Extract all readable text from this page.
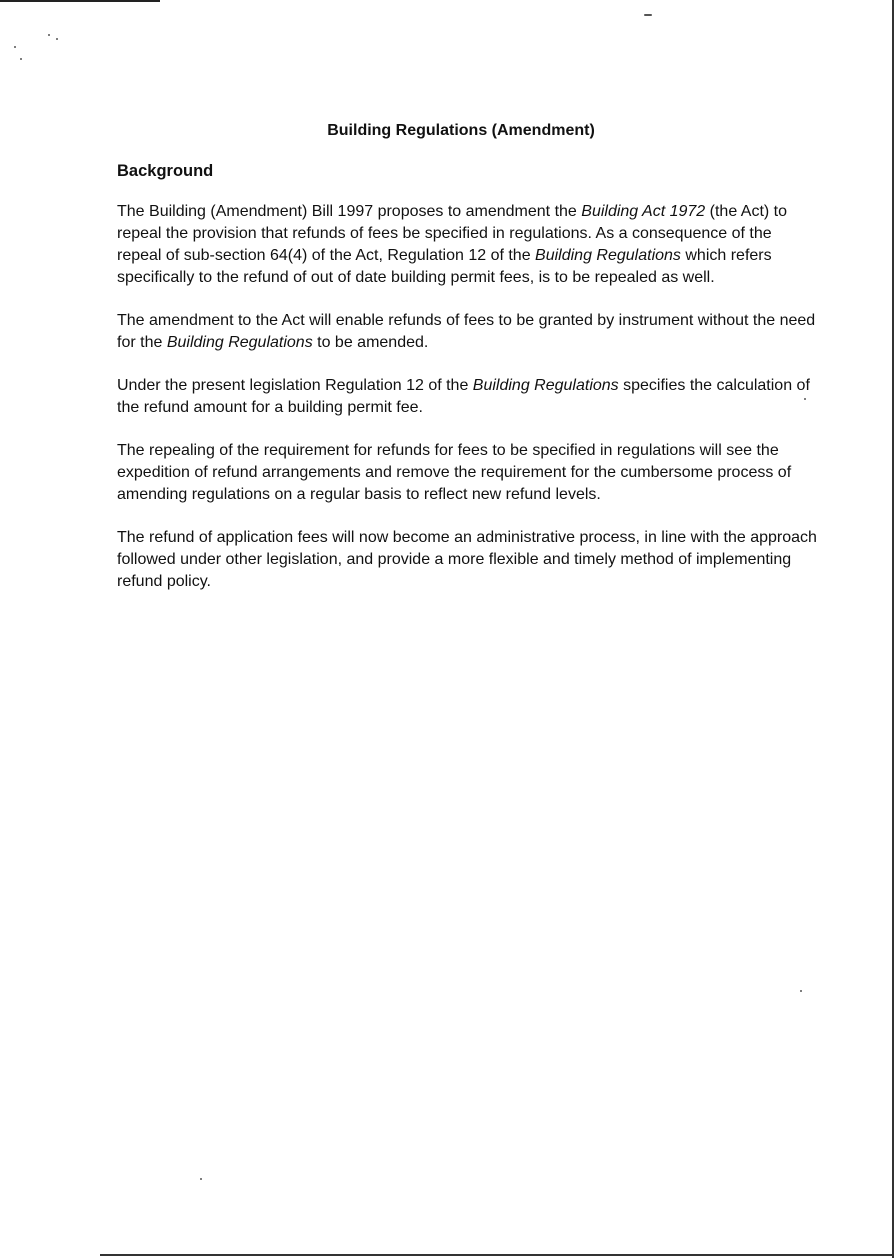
Building Regulations (Amendment)
Background

The Building (Amendment) Bill 1997 proposes to amendment the Building Act 1972 (the Act) to repeal the provision that refunds of fees be specified in regulations. As a consequence of the repeal of sub-section 64(4) of the Act, Regulation 12 of the Building Regulations which refers specifically to the refund of out of date building permit fees, is to be repealed as well.

The amendment to the Act will enable refunds of fees to be granted by instrument without the need for the Building Regulations to be amended.

Under the present legislation Regulation 12 of the Building Regulations specifies the calculation of the refund amount for a building permit fee.

The repealing of the requirement for refunds for fees to be specified in regulations will see the expedition of refund arrangements and remove the requirement for the cumbersome process of amending regulations on a regular basis to reflect new refund levels.

The refund of application fees will now become an administrative process, in line with the approach followed under other legislation, and provide a more flexible and timely method of implementing refund policy.
